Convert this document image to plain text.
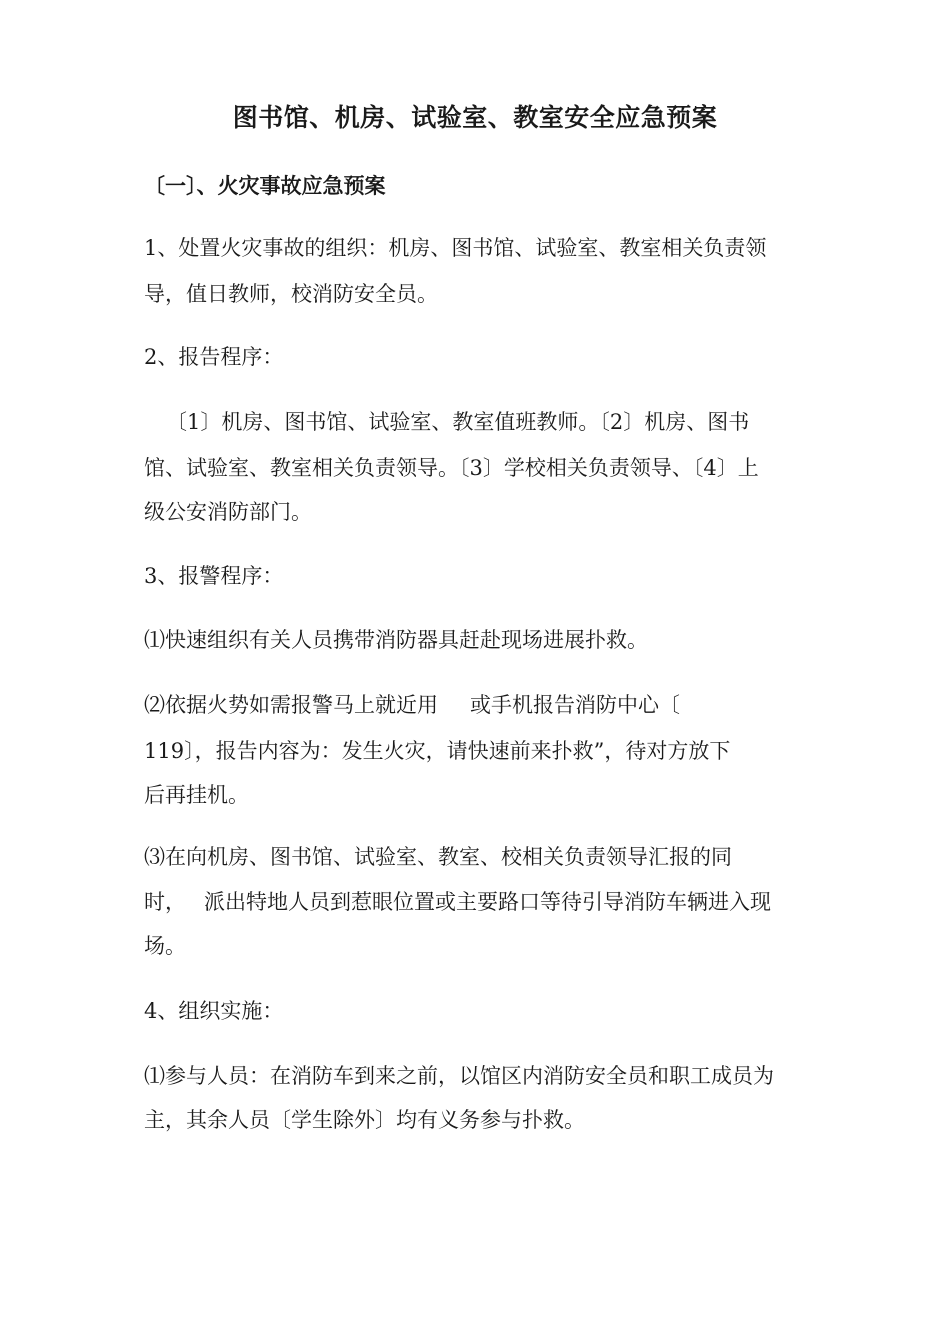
图书馆、机房、试验室、教室安全应急预案
〔一〕、火灾事故应急预案
1、处置火灾事故的组织：机房、图书馆、试验室、教室相关负责领
导，值日教师，校消防安全员。
2、报告程序：
〔1〕机房、图书馆、试验室、教室值班教师。〔2〕机房、图书
馆、试验室、教室相关负责领导。〔3〕学校相关负责领导、〔4〕上
级公安消防部门。
3、报警程序：
⑴快速组织有关人员携带消防器具赶赴现场进展扑救。
⑵依据火势如需报警马上就近用 或手机报告消防中心〔
119〕，报告内容为：发生火灾，请快速前来扑救”，待对方放下
后再挂机。
⑶在向机房、图书馆、试验室、教室、校相关负责领导汇报的同
时， 派出特地人员到惹眼位置或主要路口等待引导消防车辆进入现
场。
4、组织实施：
⑴参与人员：在消防车到来之前，以馆区内消防安全员和职工成员为
主，其余人员〔学生除外〕均有义务参与扑救。
